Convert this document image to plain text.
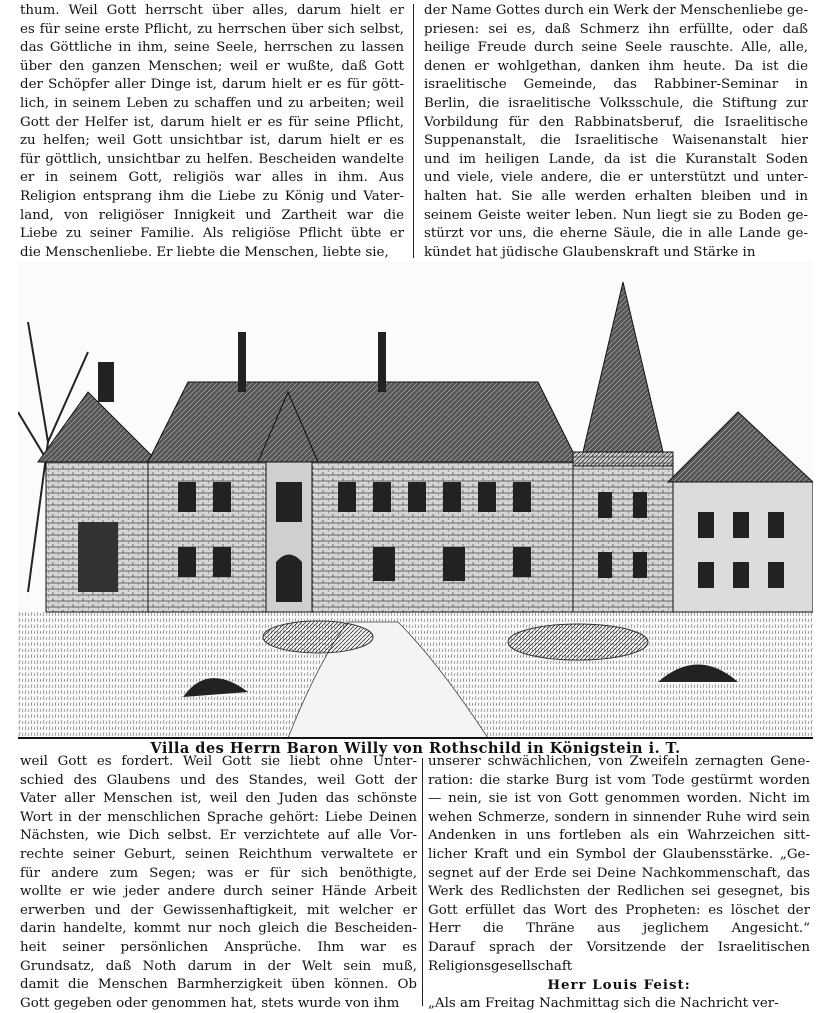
thum. Weil Gott herrscht über alles, darum hielt er
es für seine erste Pflicht, zu herrschen über sich selbst,
das Göttliche in ihm, seine Seele, herrschen zu lassen
über den ganzen Menschen; weil er wußte, daß Gott
der Schöpfer aller Dinge ist, darum hielt er es für gött-
lich, in seinem Leben zu schaffen und zu arbeiten; weil
Gott der Helfer ist, darum hielt er es für seine Pflicht,
zu helfen; weil Gott unsichtbar ist, darum hielt er es
für göttlich, unsichtbar zu helfen. Bescheiden wandelte
er in seinem Gott, religiös war alles in ihm. Aus
Religion entsprang ihm die Liebe zu König und Vater-
land, von religiöser Innigkeit und Zartheit war die
Liebe zu seiner Familie. Als religiöse Pflicht übte er
die Menschenliebe. Er liebte die Menschen, liebte sie,
der Name Gottes durch ein Werk der Menschenliebe ge-
priesen: sei es, daß Schmerz ihn erfüllte, oder daß
heilige Freude durch seine Seele rauschte. Alle, alle,
denen er wohlgethan, danken ihm heute. Da ist die
israelitische Gemeinde, das Rabbiner-Seminar in
Berlin, die israelitische Volksschule, die Stiftung zur
Vorbildung für den Rabbinatsberuf, die Israelitische
Suppenanstalt, die Israelitische Waisenanstalt hier
und im heiligen Lande, da ist die Kuranstalt Soden
und viele, viele andere, die er unterstützt und unter-
halten hat. Sie alle werden erhalten bleiben und in
seinem Geiste weiter leben. Nun liegt sie zu Boden ge-
stürzt vor uns, die eherne Säule, die in alle Lande ge-
kündet hat jüdische Glaubenskraft und Stärke in
Villa des Herrn Baron Willy von Rothschild in Königstein i. T.
weil Gott es fordert. Weil Gott sie liebt ohne Unter-
schied des Glaubens und des Standes, weil Gott der
Vater aller Menschen ist, weil den Juden das schönste
Wort in der menschlichen Sprache gehört: Liebe Deinen
Nächsten, wie Dich selbst. Er verzichtete auf alle Vor-
rechte seiner Geburt, seinen Reichthum verwaltete er
für andere zum Segen; was er für sich benöthigte,
wollte er wie jeder andere durch seiner Hände Arbeit
erwerben und der Gewissenhaftigkeit, mit welcher er
darin handelte, kommt nur noch gleich die Bescheiden-
heit seiner persönlichen Ansprüche. Ihm war es
Grundsatz, daß Noth darum in der Welt sein muß,
damit die Menschen Barmherzigkeit üben können. Ob
Gott gegeben oder genommen hat, stets wurde von ihm
unserer schwächlichen, von Zweifeln zernagten Gene-
ration: die starke Burg ist vom Tode gestürmt worden
— nein, sie ist von Gott genommen worden. Nicht im
wehen Schmerze, sondern in sinnender Ruhe wird sein
Andenken in uns fortleben als ein Wahrzeichen sitt-
licher Kraft und ein Symbol der Glaubensstärke. „Ge-
segnet auf der Erde sei Deine Nachkommenschaft, das
Werk des Redlichsten der Redlichen sei gesegnet, bis
Gott erfüllet das Wort des Propheten: es löschet der
Herr die Thräne aus jeglichem Angesicht.“
Darauf sprach der Vorsitzende der Israelitischen
Religionsgesellschaft
Herr Louis Feist:
„Als am Freitag Nachmittag sich die Nachricht ver-
